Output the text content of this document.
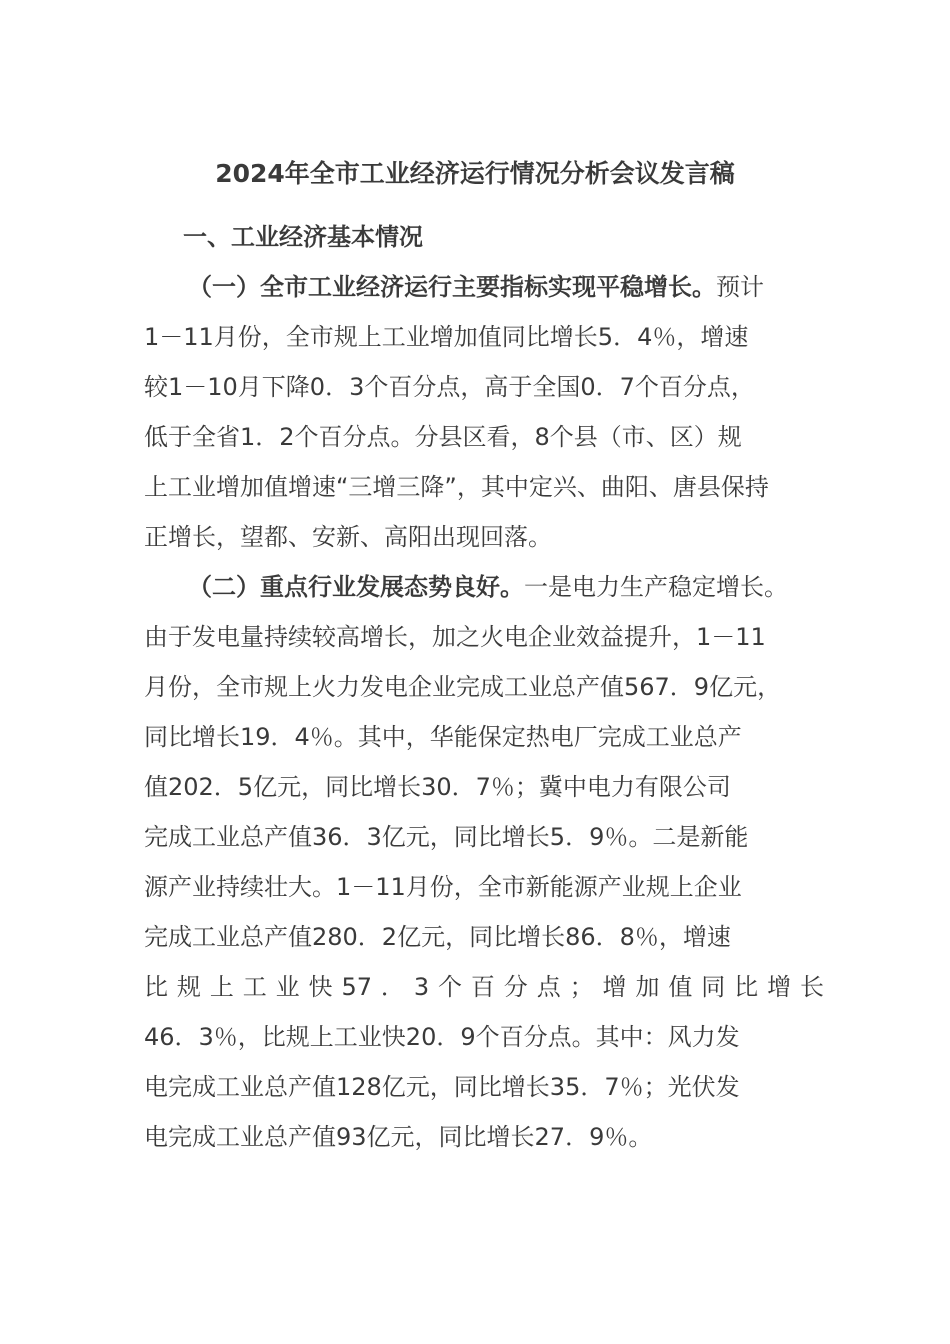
2024年全市工业经济运行情况分析会议发言稿
一、工业经济基本情况
（一）全市工业经济运行主要指标实现平稳增长。预计
1－11月份，全市规上工业增加值同比增长5．4％，增速
较1－10月下降0．3个百分点，高于全国0．7个百分点，
低于全省1．2个百分点。分县区看，8个县（市、区）规
上工业增加值增速“三增三降”，其中定兴、曲阳、唐县保持
正增长，望都、安新、高阳出现回落。
（二）重点行业发展态势良好。一是电力生产稳定增长。
由于发电量持续较高增长，加之火电企业效益提升，1－11
月份，全市规上火力发电企业完成工业总产值567．9亿元，
同比增长19．4％。其中，华能保定热电厂完成工业总产
值202．5亿元，同比增长30．7％；冀中电力有限公司
完成工业总产值36．3亿元，同比增长5．9％。二是新能
源产业持续壮大。1－11月份，全市新能源产业规上企业
完成工业总产值280．2亿元，同比增长86．8％，增速
比规上工业快57．3个百分点；增加值同比增长
46．3％，比规上工业快20．9个百分点。其中：风力发
电完成工业总产值128亿元，同比增长35．7％；光伏发
电完成工业总产值93亿元，同比增长27．9％。
